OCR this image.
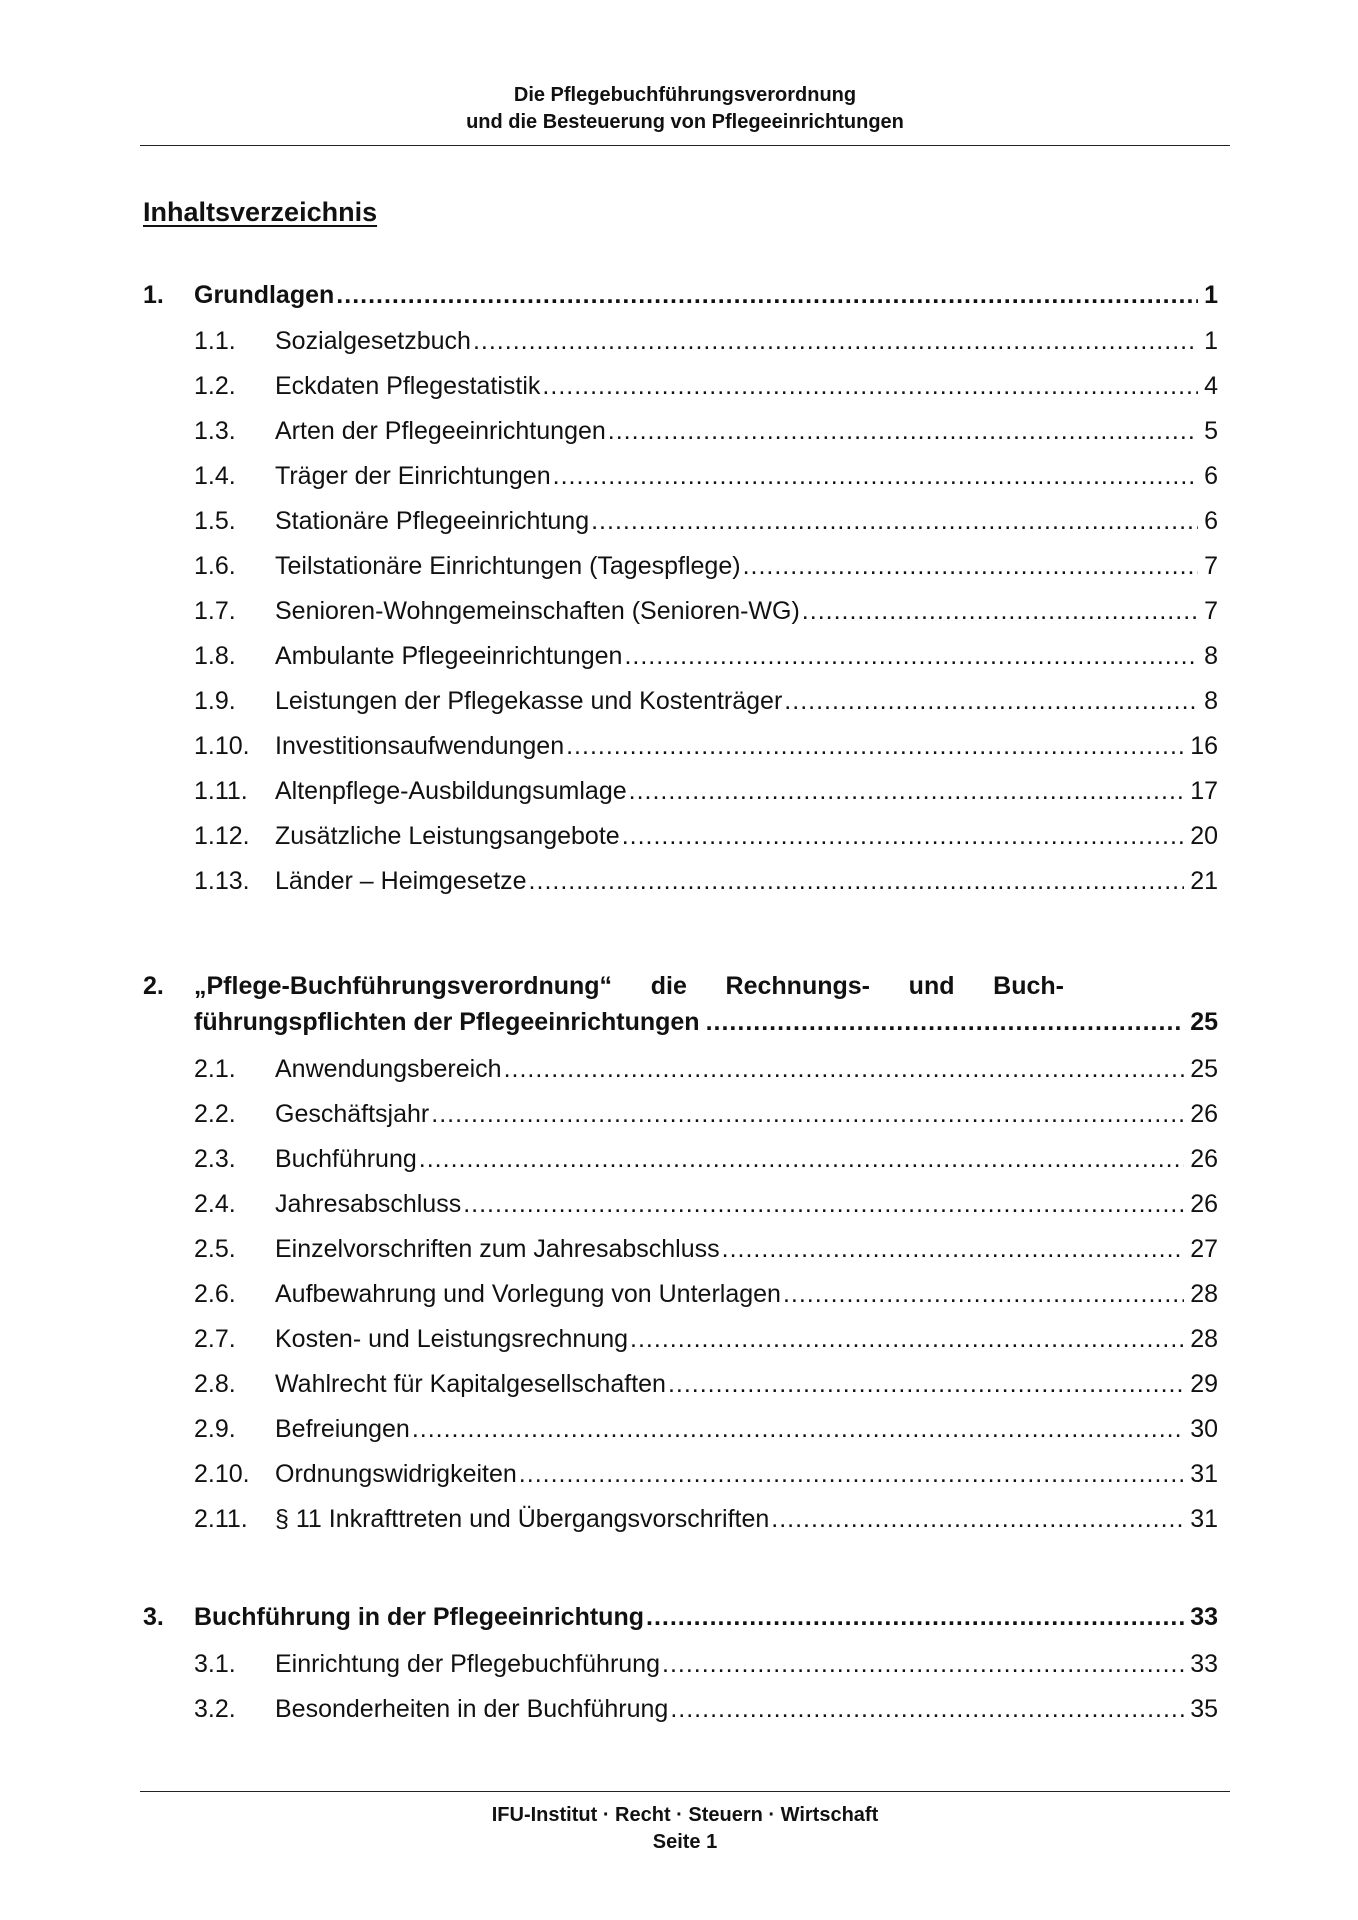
Die Pflegebuchführungsverordnung
und die Besteuerung von Pflegeeinrichtungen
Inhaltsverzeichnis
1.	Grundlagen .....	1
1.1.	Sozialgesetzbuch .....	1
1.2.	Eckdaten Pflegestatistik .....	4
1.3.	Arten der Pflegeeinrichtungen .....	5
1.4.	Träger der Einrichtungen .....	6
1.5.	Stationäre Pflegeeinrichtung .....	6
1.6.	Teilstationäre Einrichtungen (Tagespflege) .....	7
1.7.	Senioren-Wohngemeinschaften (Senioren-WG) .....	7
1.8.	Ambulante Pflegeeinrichtungen .....	8
1.9.	Leistungen der Pflegekasse und Kostenträger .....	8
1.10.	Investitionsaufwendungen .....	16
1.11.	Altenpflege-Ausbildungsumlage .....	17
1.12.	Zusätzliche Leistungsangebote .....	20
1.13.	Länder – Heimgesetze .....	21
2.	„Pflege-Buchführungsverordnung“ die Rechnungs- und Buch-
führungspflichten der Pflegeeinrichtungen .....	25
2.1.	Anwendungsbereich .....	25
2.2.	Geschäftsjahr .....	26
2.3.	Buchführung .....	26
2.4.	Jahresabschluss .....	26
2.5.	Einzelvorschriften zum Jahresabschluss .....	27
2.6.	Aufbewahrung und Vorlegung von Unterlagen .....	28
2.7.	Kosten- und Leistungsrechnung .....	28
2.8.	Wahlrecht für Kapitalgesellschaften .....	29
2.9.	Befreiungen .....	30
2.10.	Ordnungswidrigkeiten .....	31
2.11.	§ 11 Inkrafttreten und Übergangsvorschriften .....	31
3.	Buchführung in der Pflegeeinrichtung .....	33
3.1.	Einrichtung der Pflegebuchführung .....	33
3.2.	Besonderheiten in der Buchführung .....	35
IFU-Institut · Recht · Steuern · Wirtschaft
Seite 1
